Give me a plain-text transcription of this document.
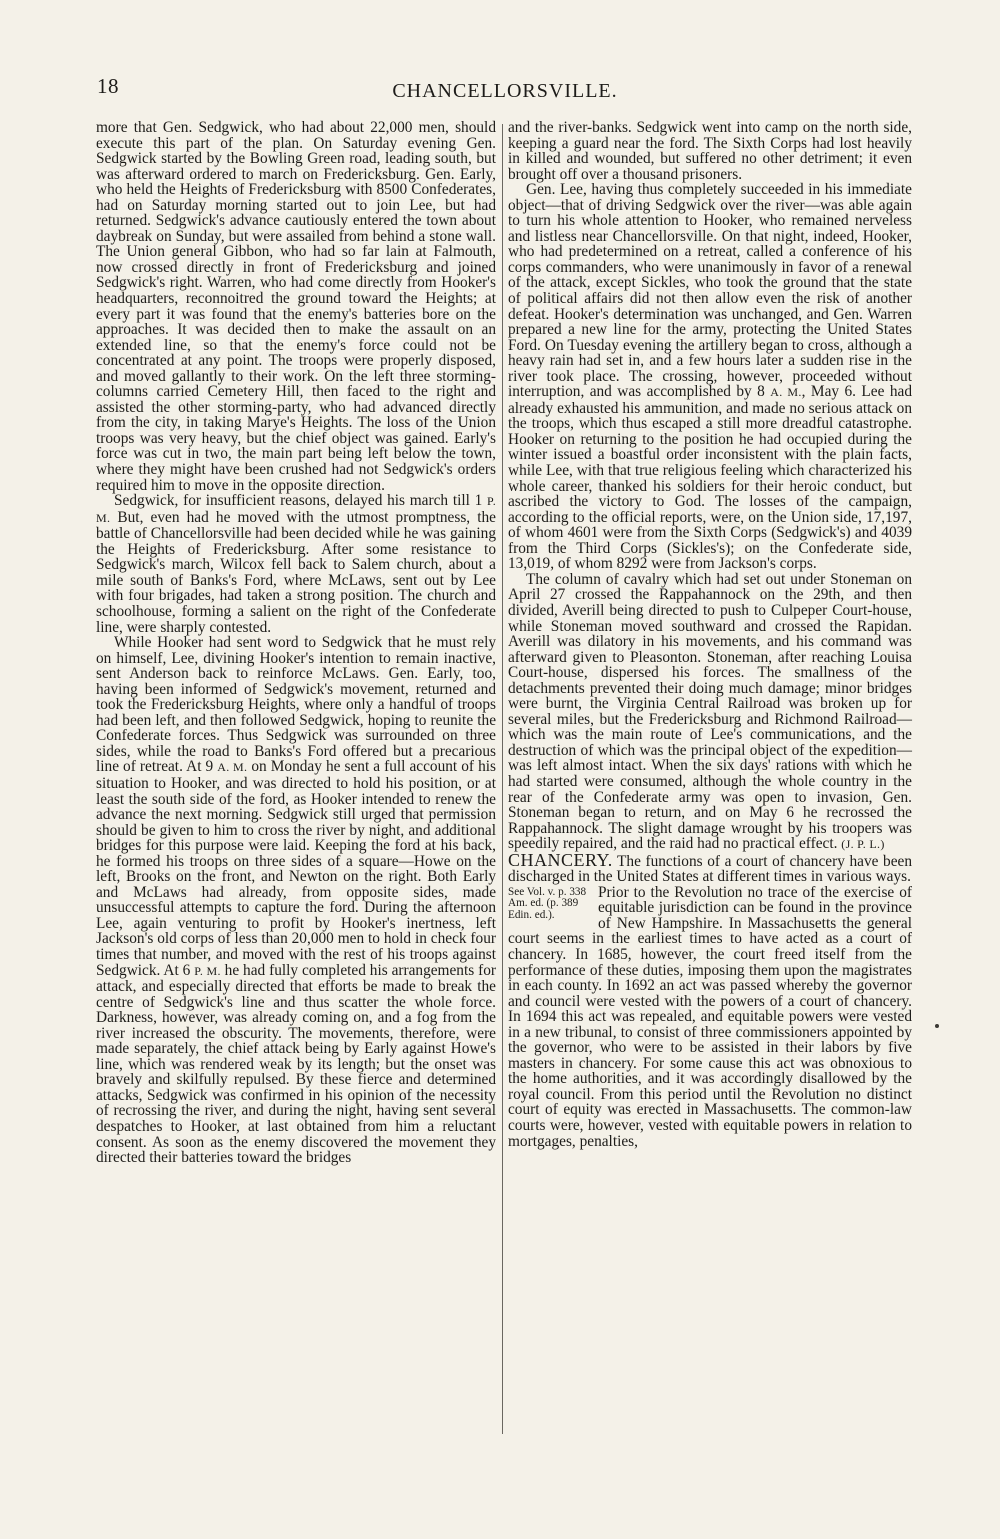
18	CHANCELLORSVILLE.

more that Gen. Sedgwick, who had about 22,000 men, should execute this part of the plan. On Saturday evening Gen. Sedgwick started by the Bowling Green road, leading south, but was afterward ordered to march on Fredericksburg. Gen. Early, who held the Heights of Fredericksburg with 8500 Confederates, had on Saturday morning started out to join Lee, but had returned. Sedgwick's advance cautiously entered the town about daybreak on Sunday, but were assailed from behind a stone wall. The Union general Gibbon, who had so far lain at Falmouth, now crossed directly in front of Fredericksburg and joined Sedgwick's right. Warren, who had come directly from Hooker's headquarters, reconnoitred the ground toward the Heights; at every part it was found that the enemy's batteries bore on the approaches. It was decided then to make the assault on an extended line, so that the enemy's force could not be concentrated at any point. The troops were properly disposed, and moved gallantly to their work. On the left three storming-columns carried Cemetery Hill, then faced to the right and assisted the other storming-party, who had advanced directly from the city, in taking Marye's Heights. The loss of the Union troops was very heavy, but the chief object was gained. Early's force was cut in two, the main part being left below the town, where they might have been crushed had not Sedgwick's orders required him to move in the opposite direction.

Sedgwick, for insufficient reasons, delayed his march till 1 P. M. But, even had he moved with the utmost promptness, the battle of Chancellorsville had been decided while he was gaining the Heights of Fredericksburg. After some resistance to Sedgwick's march, Wilcox fell back to Salem church, about a mile south of Banks's Ford, where McLaws, sent out by Lee with four brigades, had taken a strong position. The church and schoolhouse, forming a salient on the right of the Confederate line, were sharply contested.

While Hooker had sent word to Sedgwick that he must rely on himself, Lee, divining Hooker's intention to remain inactive, sent Anderson back to reinforce McLaws. Gen. Early, too, having been informed of Sedgwick's movement, returned and took the Fredericksburg Heights, where only a handful of troops had been left, and then followed Sedgwick, hoping to reunite the Confederate forces. Thus Sedgwick was surrounded on three sides, while the road to Banks's Ford offered but a precarious line of retreat. At 9 A. M. on Monday he sent a full account of his situation to Hooker, and was directed to hold his position, or at least the south side of the ford, as Hooker intended to renew the advance the next morning. Sedgwick still urged that permission should be given to him to cross the river by night, and additional bridges for this purpose were laid. Keeping the ford at his back, he formed his troops on three sides of a square—Howe on the left, Brooks on the front, and Newton on the right. Both Early and McLaws had already, from opposite sides, made unsuccessful attempts to capture the ford. During the afternoon Lee, again venturing to profit by Hooker's inertness, left Jackson's old corps of less than 20,000 men to hold in check four times that number, and moved with the rest of his troops against Sedgwick. At 6 P. M. he had fully completed his arrangements for attack, and especially directed that efforts be made to break the centre of Sedgwick's line and thus scatter the whole force. Darkness, however, was already coming on, and a fog from the river increased the obscurity. The movements, therefore, were made separately, the chief attack being by Early against Howe's line, which was rendered weak by its length; but the onset was bravely and skilfully repulsed. By these fierce and determined attacks, Sedgwick was confirmed in his opinion of the necessity of recrossing the river, and during the night, having sent several despatches to Hooker, at last obtained from him a reluctant consent. As soon as the enemy discovered the movement they directed their batteries toward the bridges

and the river-banks. Sedgwick went into camp on the north side, keeping a guard near the ford. The Sixth Corps had lost heavily in killed and wounded, but suffered no other detriment; it even brought off over a thousand prisoners.

Gen. Lee, having thus completely succeeded in his immediate object—that of driving Sedgwick over the river—was able again to turn his whole attention to Hooker, who remained nerveless and listless near Chancellorsville. On that night, indeed, Hooker, who had predetermined on a retreat, called a conference of his corps commanders, who were unanimously in favor of a renewal of the attack, except Sickles, who took the ground that the state of political affairs did not then allow even the risk of another defeat. Hooker's determination was unchanged, and Gen. Warren prepared a new line for the army, protecting the United States Ford. On Tuesday evening the artillery began to cross, although a heavy rain had set in, and a few hours later a sudden rise in the river took place. The crossing, however, proceeded without interruption, and was accomplished by 8 A. M., May 6. Lee had already exhausted his ammunition, and made no serious attack on the troops, which thus escaped a still more dreadful catastrophe. Hooker on returning to the position he had occupied during the winter issued a boastful order inconsistent with the plain facts, while Lee, with that true religious feeling which characterized his whole career, thanked his soldiers for their heroic conduct, but ascribed the victory to God. The losses of the campaign, according to the official reports, were, on the Union side, 17,197, of whom 4601 were from the Sixth Corps (Sedgwick's) and 4039 from the Third Corps (Sickles's); on the Confederate side, 13,019, of whom 8292 were from Jackson's corps.

The column of cavalry which had set out under Stoneman on April 27 crossed the Rappahannock on the 29th, and then divided, Averill being directed to push to Culpeper Court-house, while Stoneman moved southward and crossed the Rapidan. Averill was dilatory in his movements, and his command was afterward given to Pleasonton. Stoneman, after reaching Louisa Court-house, dispersed his forces. The smallness of the detachments prevented their doing much damage; minor bridges were burnt, the Virginia Central Railroad was broken up for several miles, but the Fredericksburg and Richmond Railroad—which was the main route of Lee's communications, and the destruction of which was the principal object of the expedition—was left almost intact. When the six days' rations with which he had started were consumed, although the whole country in the rear of the Confederate army was open to invasion, Gen. Stoneman began to return, and on May 6 he recrossed the Rappahannock. The slight damage wrought by his troopers was speedily repaired, and the raid had no practical effect. (J. P. L.)

CHANCERY. The functions of a court of chancery have been discharged in the United States at different times in various ways.

See Vol. v. p. 338 Am. ed. (p. 389 Edin. ed.).
Prior to the Revolution no trace of the exercise of equitable jurisdiction can be found in the province of New Hampshire. In Massachusetts the general court seems in the earliest times to have acted as a court of chancery. In 1685, however, the court freed itself from the performance of these duties, imposing them upon the magistrates in each county. In 1692 an act was passed whereby the governor and council were vested with the powers of a court of chancery. In 1694 this act was repealed, and equitable powers were vested in a new tribunal, to consist of three commissioners appointed by the governor, who were to be assisted in their labors by five masters in chancery. For some cause this act was obnoxious to the home authorities, and it was accordingly disallowed by the royal council. From this period until the Revolution no distinct court of equity was erected in Massachusetts. The common-law courts were, however, vested with equitable powers in relation to mortgages, penalties,
